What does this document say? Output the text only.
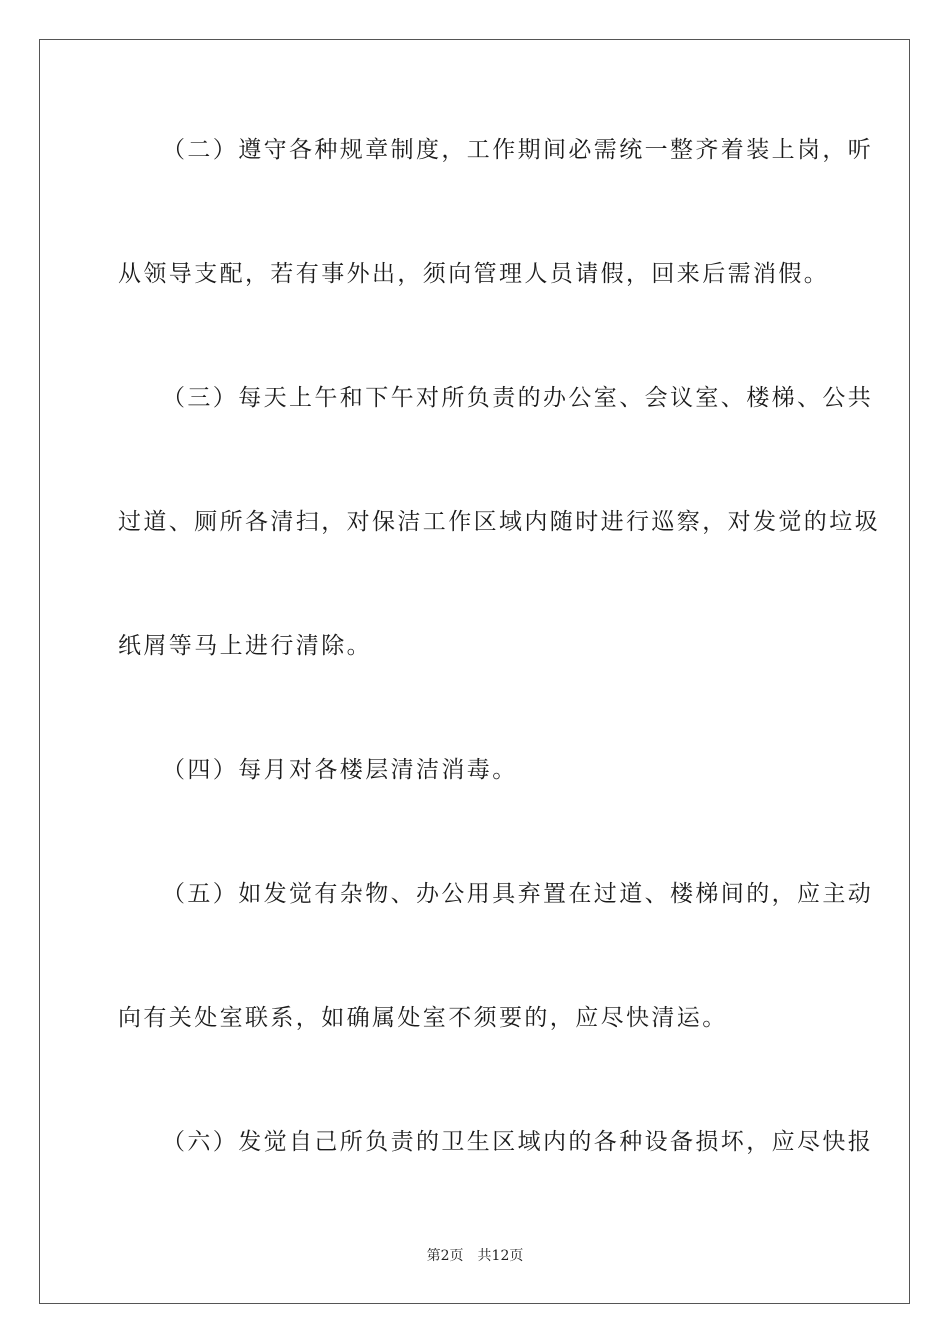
（二）遵守各种规章制度，工作期间必需统一整齐着装上岗，听
从领导支配，若有事外出，须向管理人员请假，回来后需消假。
（三）每天上午和下午对所负责的办公室、会议室、楼梯、公共
过道、厕所各清扫，对保洁工作区域内随时进行巡察，对发觉的垃圾
纸屑等马上进行清除。
（四）每月对各楼层清洁消毒。
（五）如发觉有杂物、办公用具弃置在过道、楼梯间的，应主动
向有关处室联系，如确属处室不须要的，应尽快清运。
（六）发觉自己所负责的卫生区域内的各种设备损坏，应尽快报
第2页 共12页
